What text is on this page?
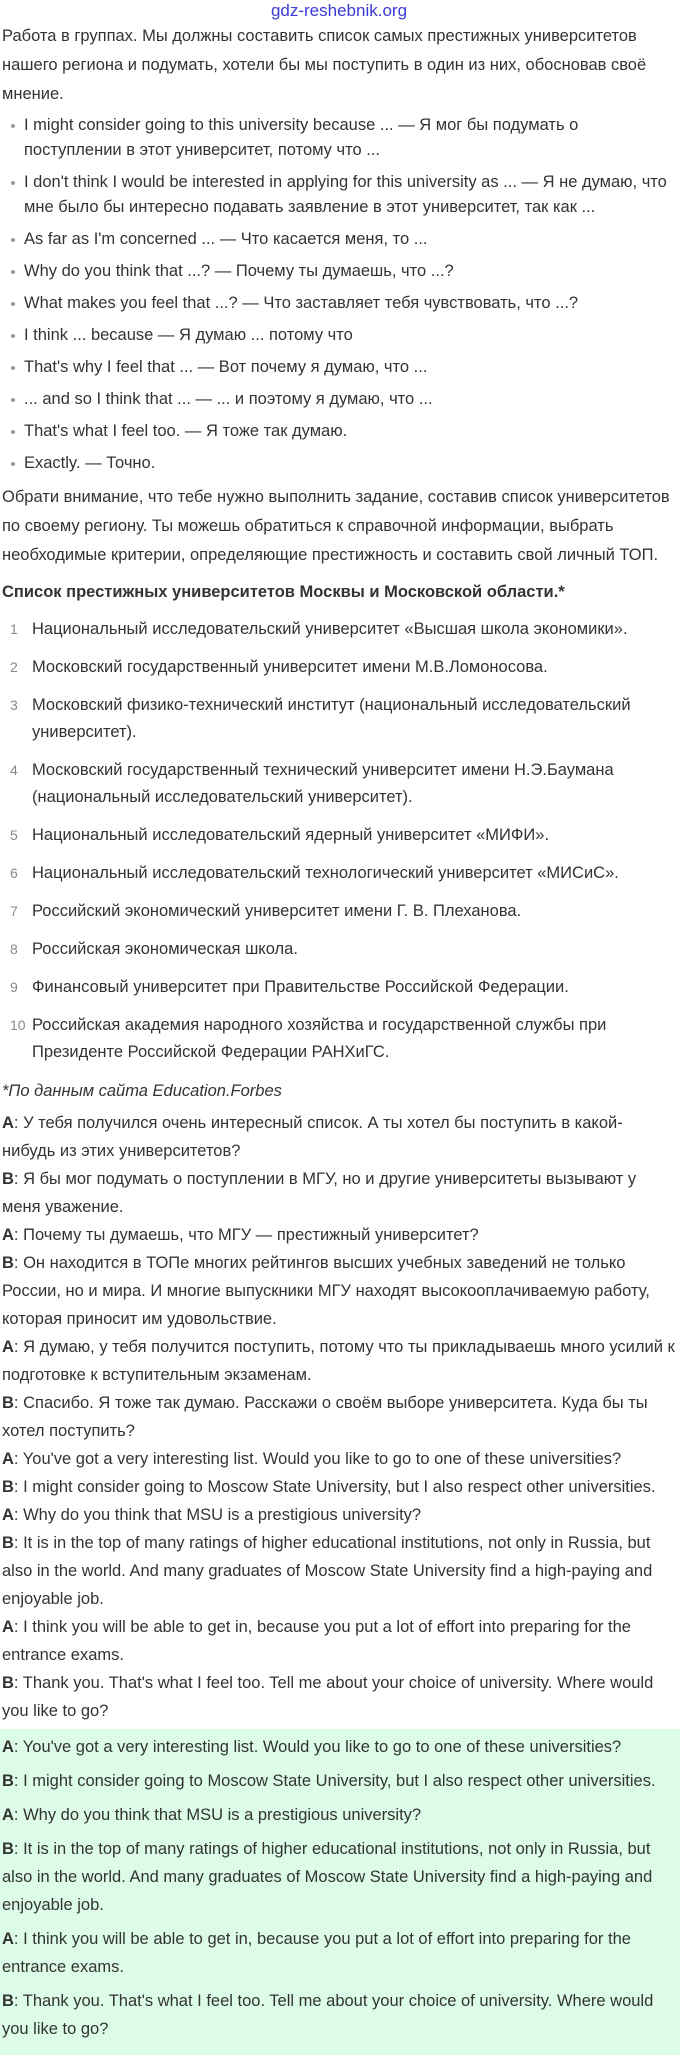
gdz-reshebnik.org

Работа в группах. Мы должны составить список самых престижных университетов нашего региона и подумать, хотели бы мы поступить в один из них, обосновав своё мнение.

I might consider going to this university because ... — Я мог бы подумать о поступлении в этот университет, потому что ...
I don't think I would be interested in applying for this university as ... — Я не думаю, что мне было бы интересно подавать заявление в этот университет, так как ...
As far as I'm concerned ... — Что касается меня, то ...
Why do you think that ...? — Почему ты думаешь, что ...?
What makes you feel that ...? — Что заставляет тебя чувствовать, что ...?
I think ... because — Я думаю ... потому что
That's why I feel that ... — Вот почему я думаю, что ...
... and so I think that ... — ... и поэтому я думаю, что ...
That's what I feel too. — Я тоже так думаю.
Exactly. — Точно.

Обрати внимание, что тебе нужно выполнить задание, составив список университетов по своему региону. Ты можешь обратиться к справочной информации, выбрать необходимые критерии, определяющие престижность и составить свой личный ТОП.

Список престижных университетов Москвы и Московской области.*
1 Национальный исследовательский университет «Высшая школа экономики».
2 Московский государственный университет имени М.В.Ломоносова.
3 Московский физико-технический институт (национальный исследовательский университет).
4 Московский государственный технический университет имени Н.Э.Баумана (национальный исследовательский университет).
5 Национальный исследовательский ядерный университет «МИФИ».
6 Национальный исследовательский технологический университет «МИСиС».
7 Российский экономический университет имени Г. В. Плеханова.
8 Российская экономическая школа.
9 Финансовый университет при Правительстве Российской Федерации.
10 Российская академия народного хозяйства и государственной службы при Президенте Российской Федерации РАНХиГС.
*По данным сайта Education.Forbes

A: У тебя получился очень интересный список. А ты хотел бы поступить в какой-нибудь из этих университетов?

B: Я бы мог подумать о поступлении в МГУ, но и другие университеты вызывают у меня уважение.

A: Почему ты думаешь, что МГУ — престижный университет?

B: Он находится в ТОПе многих рейтингов высших учебных заведений не только России, но и мира. И многие выпускники МГУ находят высокооплачиваемую работу, которая приносит им удовольствие.

A: Я думаю, у тебя получится поступить, потому что ты прикладываешь много усилий к подготовке к вступительным экзаменам.

B: Спасибо. Я тоже так думаю. Расскажи о своём выборе университета. Куда бы ты хотел поступить?

A: You've got a very interesting list. Would you like to go to one of these universities?

B: I might consider going to Moscow State University, but I also respect other universities.

A: Why do you think that MSU is a prestigious university?

B: It is in the top of many ratings of higher educational institutions, not only in Russia, but also in the world. And many graduates of Moscow State University find a high-paying and enjoyable job.

A: I think you will be able to get in, because you put a lot of effort into preparing for the entrance exams.

B: Thank you. That's what I feel too. Tell me about your choice of university. Where would you like to go?

A: You've got a very interesting list. Would you like to go to one of these universities?

B: I might consider going to Moscow State University, but I also respect other universities.

A: Why do you think that MSU is a prestigious university?

B: It is in the top of many ratings of higher educational institutions, not only in Russia, but also in the world. And many graduates of Moscow State University find a high-paying and enjoyable job.

A: I think you will be able to get in, because you put a lot of effort into preparing for the entrance exams.

B: Thank you. That's what I feel too. Tell me about your choice of university. Where would you like to go?
